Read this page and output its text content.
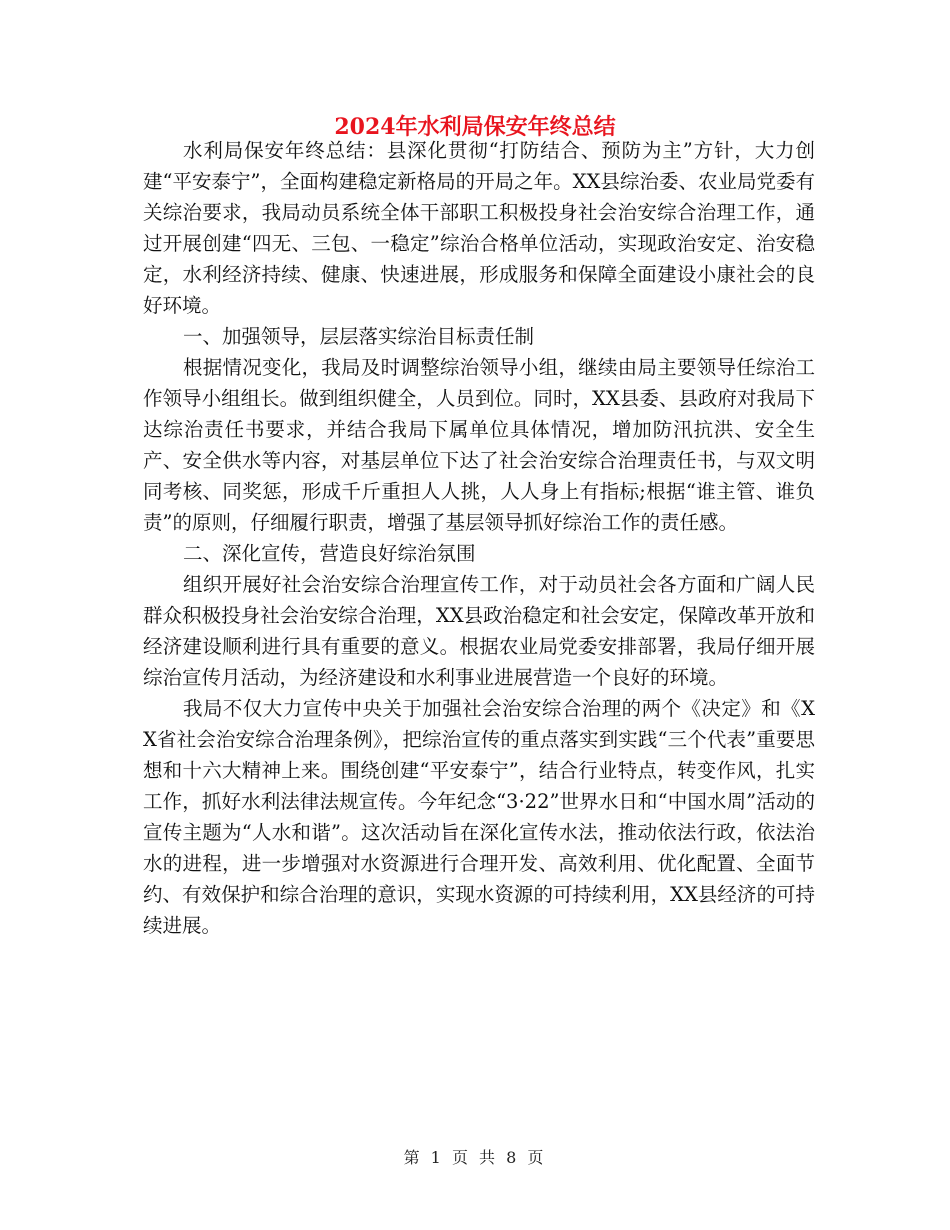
2024年水利局保安年终总结

水利局保安年终总结：县深化贯彻“打防结合、预防为主”方针，大力创建“平安泰宁”，全面构建稳定新格局的开局之年。XX县综治委、农业局党委有关综治要求，我局动员系统全体干部职工积极投身社会治安综合治理工作，通过开展创建“四无、三包、一稳定”综治合格单位活动，实现政治安定、治安稳定，水利经济持续、健康、快速进展，形成服务和保障全面建设小康社会的良好环境。

一、加强领导，层层落实综治目标责任制

根据情况变化，我局及时调整综治领导小组，继续由局主要领导任综治工作领导小组组长。做到组织健全，人员到位。同时，XX县委、县政府对我局下达综治责任书要求，并结合我局下属单位具体情况，增加防汛抗洪、安全生产、安全供水等内容，对基层单位下达了社会治安综合治理责任书，与双文明同考核、同奖惩，形成千斤重担人人挑，人人身上有指标;根据“谁主管、谁负责”的原则，仔细履行职责，增强了基层领导抓好综治工作的责任感。

二、深化宣传，营造良好综治氛围

组织开展好社会治安综合治理宣传工作，对于动员社会各方面和广阔人民群众积极投身社会治安综合治理，XX县政治稳定和社会安定，保障改革开放和经济建设顺利进行具有重要的意义。根据农业局党委安排部署，我局仔细开展综治宣传月活动，为经济建设和水利事业进展营造一个良好的环境。

我局不仅大力宣传中央关于加强社会治安综合治理的两个《决定》和《XX省社会治安综合治理条例》，把综治宣传的重点落实到实践“三个代表”重要思想和十六大精神上来。围绕创建“平安泰宁”，结合行业特点，转变作风，扎实工作，抓好水利法律法规宣传。今年纪念“3·22”世界水日和“中国水周”活动的宣传主题为“人水和谐”。这次活动旨在深化宣传水法，推动依法行政，依法治水的进程，进一步增强对水资源进行合理开发、高效利用、优化配置、全面节约、有效保护和综合治理的意识，实现水资源的可持续利用，XX县经济的可持续进展。

第 1 页 共 8 页
